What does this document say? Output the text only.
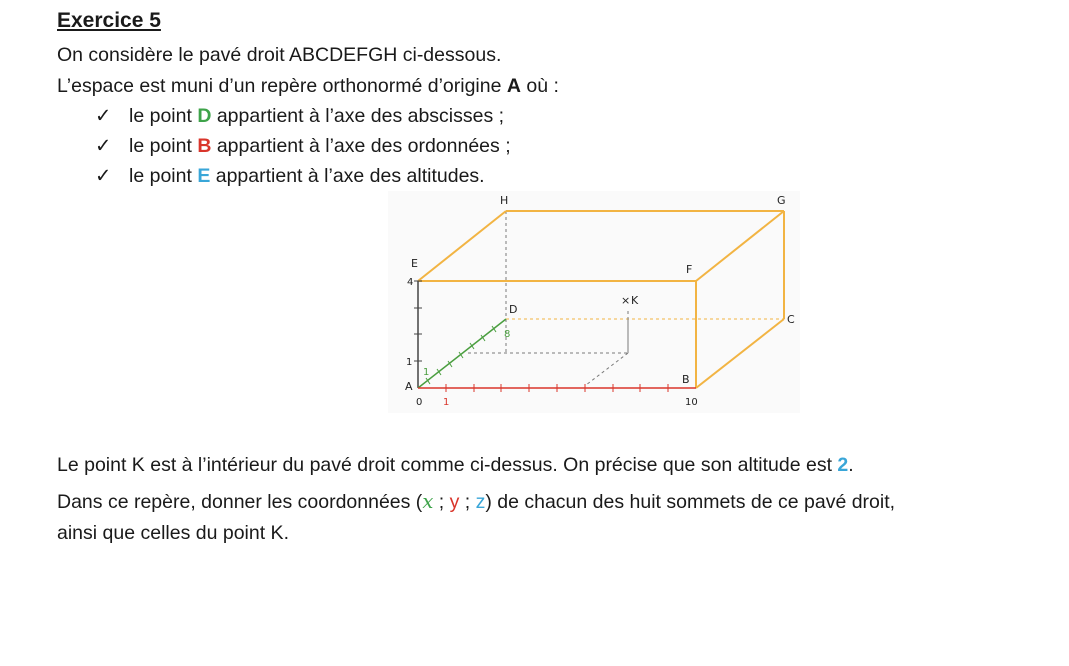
Exercice 5
On considère le pavé droit ABCDEFGH ci-dessous.
L’espace est muni d’un repère orthonormé d’origine A où :
✓ le point D appartient à l’axe des abscisses ;
✓ le point B appartient à l’axe des ordonnées ;
✓ le point E appartient à l’axe des altitudes.
H	G
E
4
F
D
8
× K
C
1
1
A
B
0 1	10
Le point K est à l’intérieur du pavé droit comme ci-dessus. On précise que son altitude est 2.
Dans ce repère, donner les coordonnées (x ; y ; z) de chacun des huit sommets de ce pavé droit,
ainsi que celles du point K.
